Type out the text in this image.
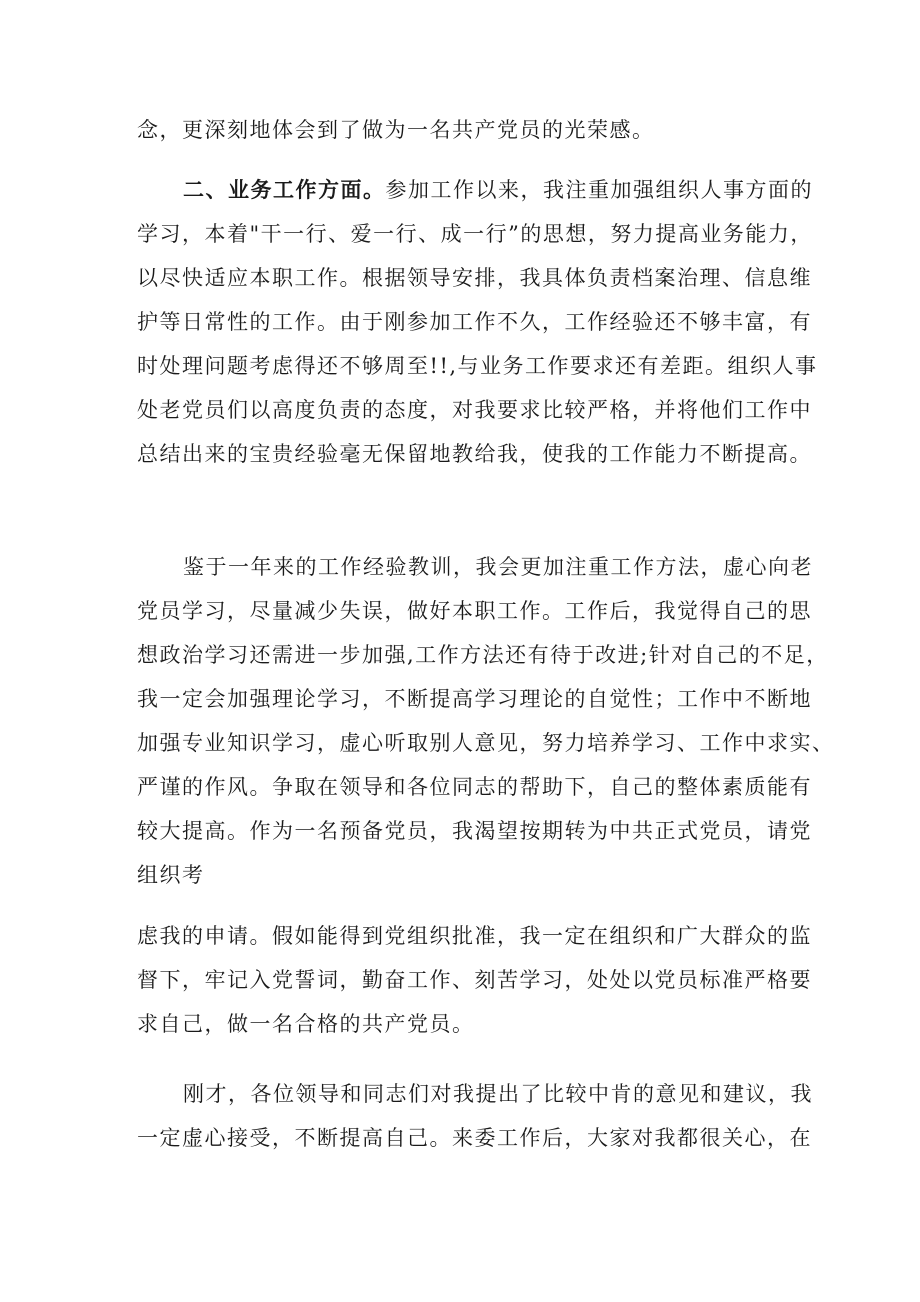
念，更深刻地体会到了做为一名共产党员的光荣感。

二、业务工作方面。参加工作以来，我注重加强组织人事方面的

学习，本着"干一行、爱一行、成一行”的思想，努力提高业务能力，

以尽快适应本职工作。根据领导安排，我具体负责档案治理、信息维

护等日常性的工作。由于刚参加工作不久，工作经验还不够丰富，有

时处理问题考虑得还不够周至!!,与业务工作要求还有差距。组织人事

处老党员们以高度负责的态度，对我要求比较严格，并将他们工作中

总结出来的宝贵经验毫无保留地教给我，使我的工作能力不断提高。

鉴于一年来的工作经验教训，我会更加注重工作方法，虚心向老

党员学习，尽量减少失误，做好本职工作。工作后，我觉得自己的思

想政治学习还需进一步加强,工作方法还有待于改进;针对自己的不足，

我一定会加强理论学习，不断提高学习理论的自觉性；工作中不断地

加强专业知识学习，虚心听取别人意见，努力培养学习、工作中求实、

严谨的作风。争取在领导和各位同志的帮助下，自己的整体素质能有

较大提高。作为一名预备党员，我渴望按期转为中共正式党员，请党

组织考

虑我的申请。假如能得到党组织批准，我一定在组织和广大群众的监

督下，牢记入党誓词，勤奋工作、刻苦学习，处处以党员标准严格要

求自己，做一名合格的共产党员。

刚才，各位领导和同志们对我提出了比较中肯的意见和建议，我

一定虚心接受，不断提高自己。来委工作后，大家对我都很关心，在
